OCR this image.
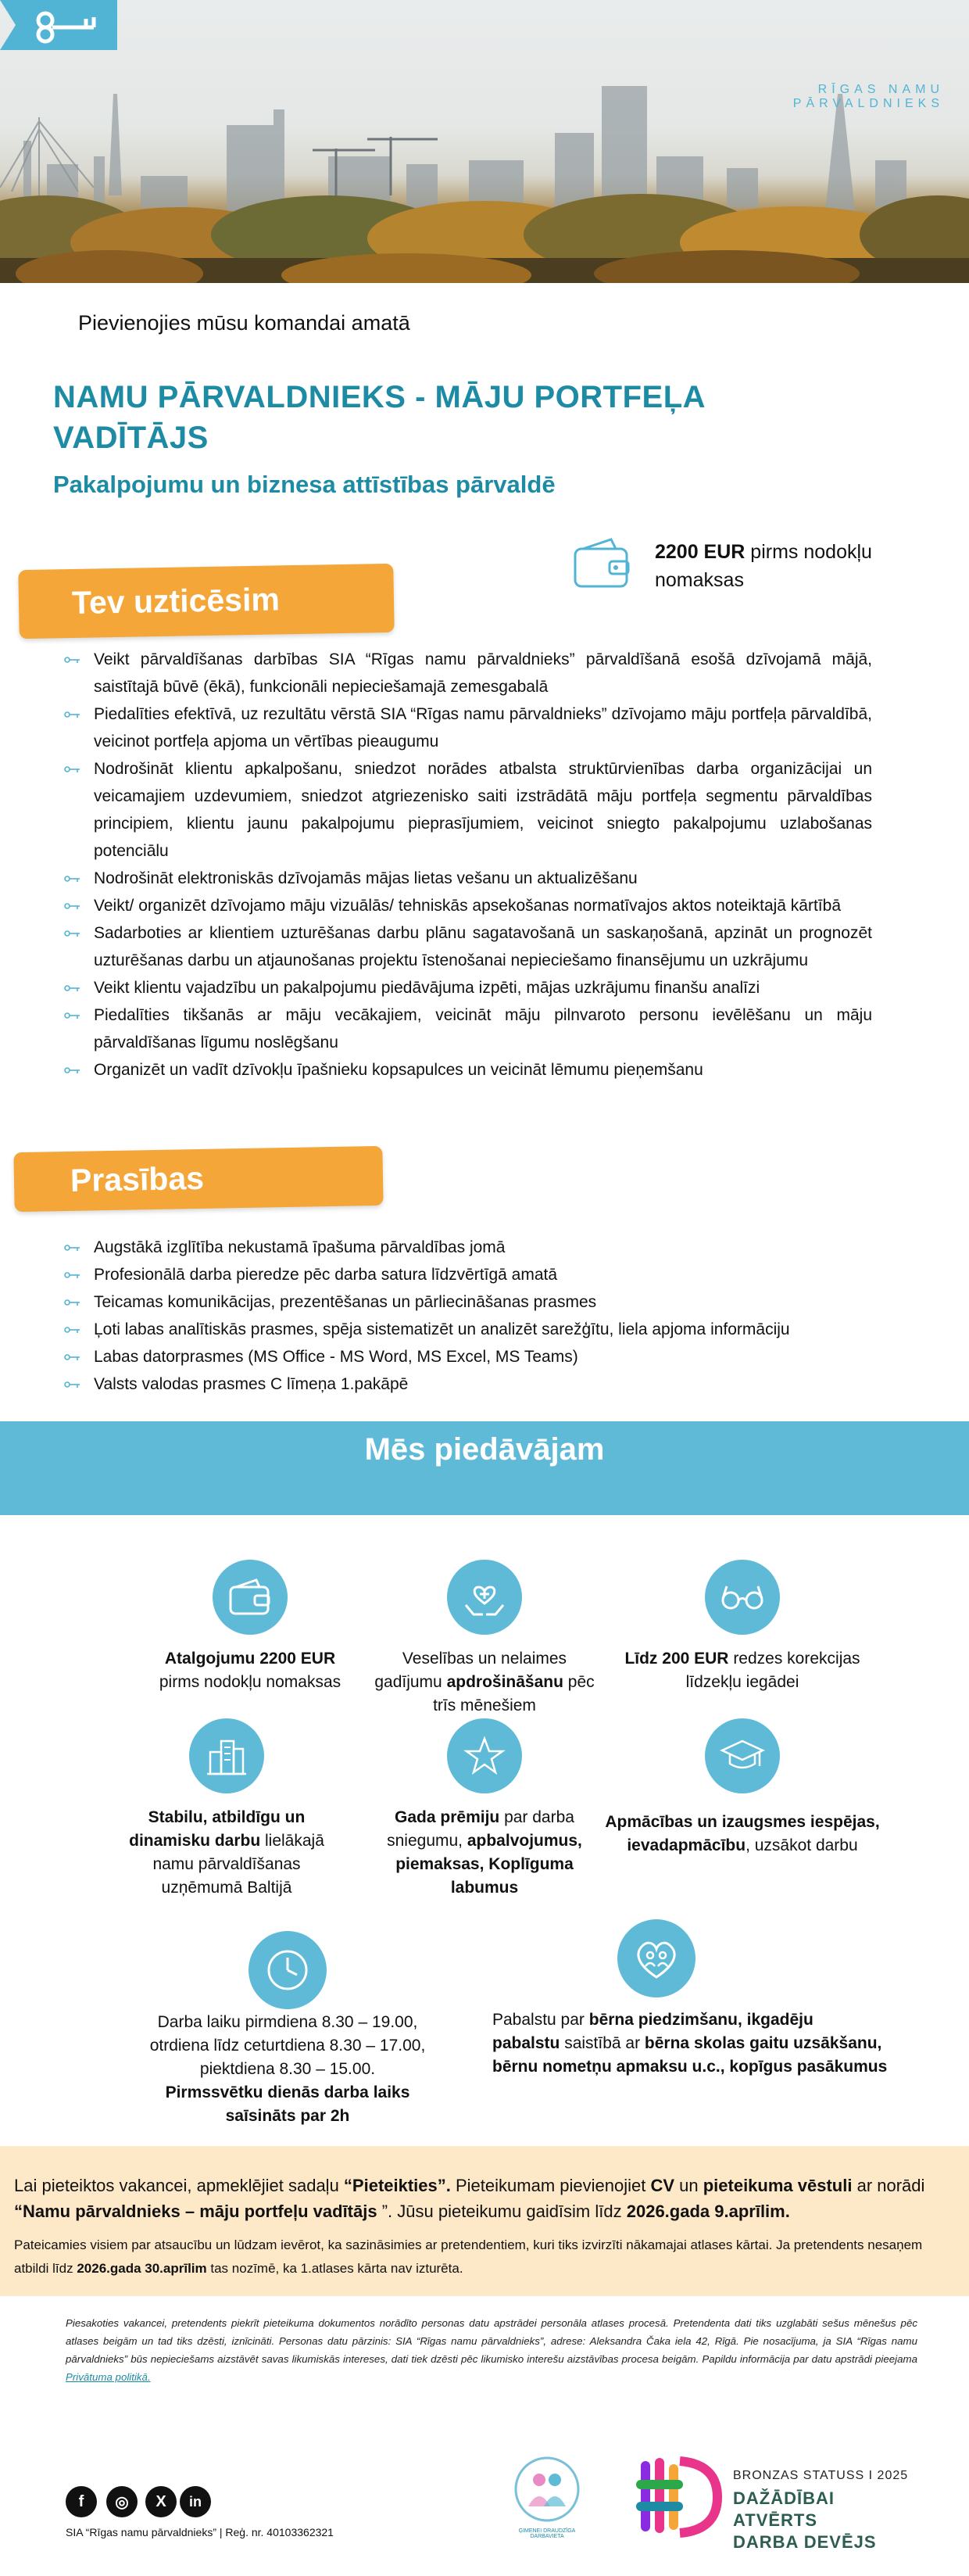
RĪGAS NAMU PĀRVALDNIEKS
Pievienojies mūsu komandai amatā
NAMU PĀRVALDNIEKS - MĀJU PORTFEĻA
VADĪTĀJS
Pakalpojumu un biznesa attīstības pārvaldē
2200 EUR pirms nodokļu
nomaksas
Tev uzticēsim
Veikt pārvaldīšanas darbības SIA “Rīgas namu pārvaldnieks” pārvaldīšanā esošā dzīvojamā mājā, saistītajā būvē (ēkā), funkcionāli nepieciešamajā zemesgabalā
Piedalīties efektīvā, uz rezultātu vērstā SIA “Rīgas namu pārvaldnieks” dzīvojamo māju portfeļa pārvaldībā, veicinot portfeļa apjoma un vērtības pieaugumu
Nodrošināt klientu apkalpošanu, sniedzot norādes atbalsta struktūrvienības darba organizācijai un veicamajiem uzdevumiem, sniedzot atgriezenisko saiti izstrādātā māju portfeļa segmentu pārvaldības principiem, klientu jaunu pakalpojumu pieprasījumiem, veicinot sniegto pakalpojumu uzlabošanas potenciālu
Nodrošināt elektroniskās dzīvojamās mājas lietas vešanu un aktualizēšanu
Veikt/ organizēt dzīvojamo māju vizuālās/ tehniskās apsekošanas normatīvajos aktos noteiktajā kārtībā
Sadarboties ar klientiem uzturēšanas darbu plānu sagatavošanā un saskaņošanā, apzināt un prognozēt uzturēšanas darbu un atjaunošanas projektu īstenošanai nepieciešamo finansējumu un uzkrājumu
Veikt klientu vajadzību un pakalpojumu piedāvājuma izpēti, mājas uzkrājumu finanšu analīzi
Piedalīties tikšanās ar māju vecākajiem, veicināt māju pilnvaroto personu ievēlēšanu un māju pārvaldīšanas līgumu noslēgšanu
Organizēt un vadīt dzīvokļu īpašnieku kopsapulces un veicināt lēmumu pieņemšanu
Prasības
Augstākā izglītība nekustamā īpašuma pārvaldības jomā
Profesionālā darba pieredze pēc darba satura līdzvērtīgā amatā
Teicamas komunikācijas, prezentēšanas un pārliecināšanas prasmes
Ļoti labas analītiskās prasmes, spēja sistematizēt un analizēt sarežģītu, liela apjoma informāciju
Labas datorprasmes (MS Office - MS Word, MS Excel, MS Teams)
Valsts valodas prasmes C līmeņa 1.pakāpē
Mēs piedāvājam
Atalgojumu 2200 EUR
pirms nodokļu nomaksas
Veselības un nelaimes
gadījumu apdrošināšanu pēc
trīs mēnešiem
Līdz 200 EUR redzes korekcijas
līdzekļu iegādei
Stabilu, atbildīgu un
dinamisku darbu lielākajā
namu pārvaldīšanas
uzņēmumā Baltijā
Gada prēmiju par darba
sniegumu, apbalvojumus,
piemaksas, Koplīguma
labumus
Apmācības un izaugsmes iespējas,
ievadapmācību, uzsākot darbu
Darba laiku pirmdiena 8.30 – 19.00,
otrdiena līdz ceturtdiena 8.30 – 17.00,
piektdiena 8.30 – 15.00.
Pirmssvētku dienās darba laiks
saīsināts par 2h
Pabalstu par bērna piedzimšanu, ikgadēju
pabalstu saistībā ar bērna skolas gaitu uzsākšanu,
bērnu nometņu apmaksu u.c., kopīgus pasākumus

Lai pieteiktos vakancei, apmeklējiet sadaļu “Pieteikties”. Pieteikumam pievienojiet CV un pieteikuma vēstuli ar norādi
“Namu pārvaldnieks – māju portfeļu vadītājs ”. Jūsu pieteikumu gaidīsim līdz 2026.gada 9.aprīlim.

Pateicamies visiem par atsaucību un lūdzam ievērot, ka sazināsimies ar pretendentiem, kuri tiks izvirzīti nākamajai atlases kārtai. Ja pretendents nesaņem atbildi līdz 2026.gada 30.aprīlim tas nozīmē, ka 1.atlases kārta nav izturēta.

Piesakoties vakancei, pretendents piekrīt pieteikuma dokumentos norādīto personas datu apstrādei personāla atlases procesā. Pretendenta dati tiks uzglabāti sešus mēnešus pēc atlases beigām un tad tiks dzēsti, iznīcināti. Personas datu pārzinis: SIA “Rīgas namu pārvaldnieks”, adrese: Aleksandra Čaka iela 42, Rīgā. Pie nosacījuma, ja SIA “Rīgas namu pārvaldnieks” būs nepieciešams aizstāvēt savas likumiskās intereses, dati tiek dzēsti pēc likumisko interešu aizstāvības procesa beigām. Papildu informācija par datu apstrādi pieejama Privātuma politikā.
f ◎ X in
SIA “Rīgas namu pārvaldnieks” | Reģ. nr. 40103362321	ĢIMENEI DRAUDZĪGA DARBAVIETA
BRONZAS STATUSS I 2025
DAŽĀDĪBAI ATVĒRTS
DARBA DEVĒJS
